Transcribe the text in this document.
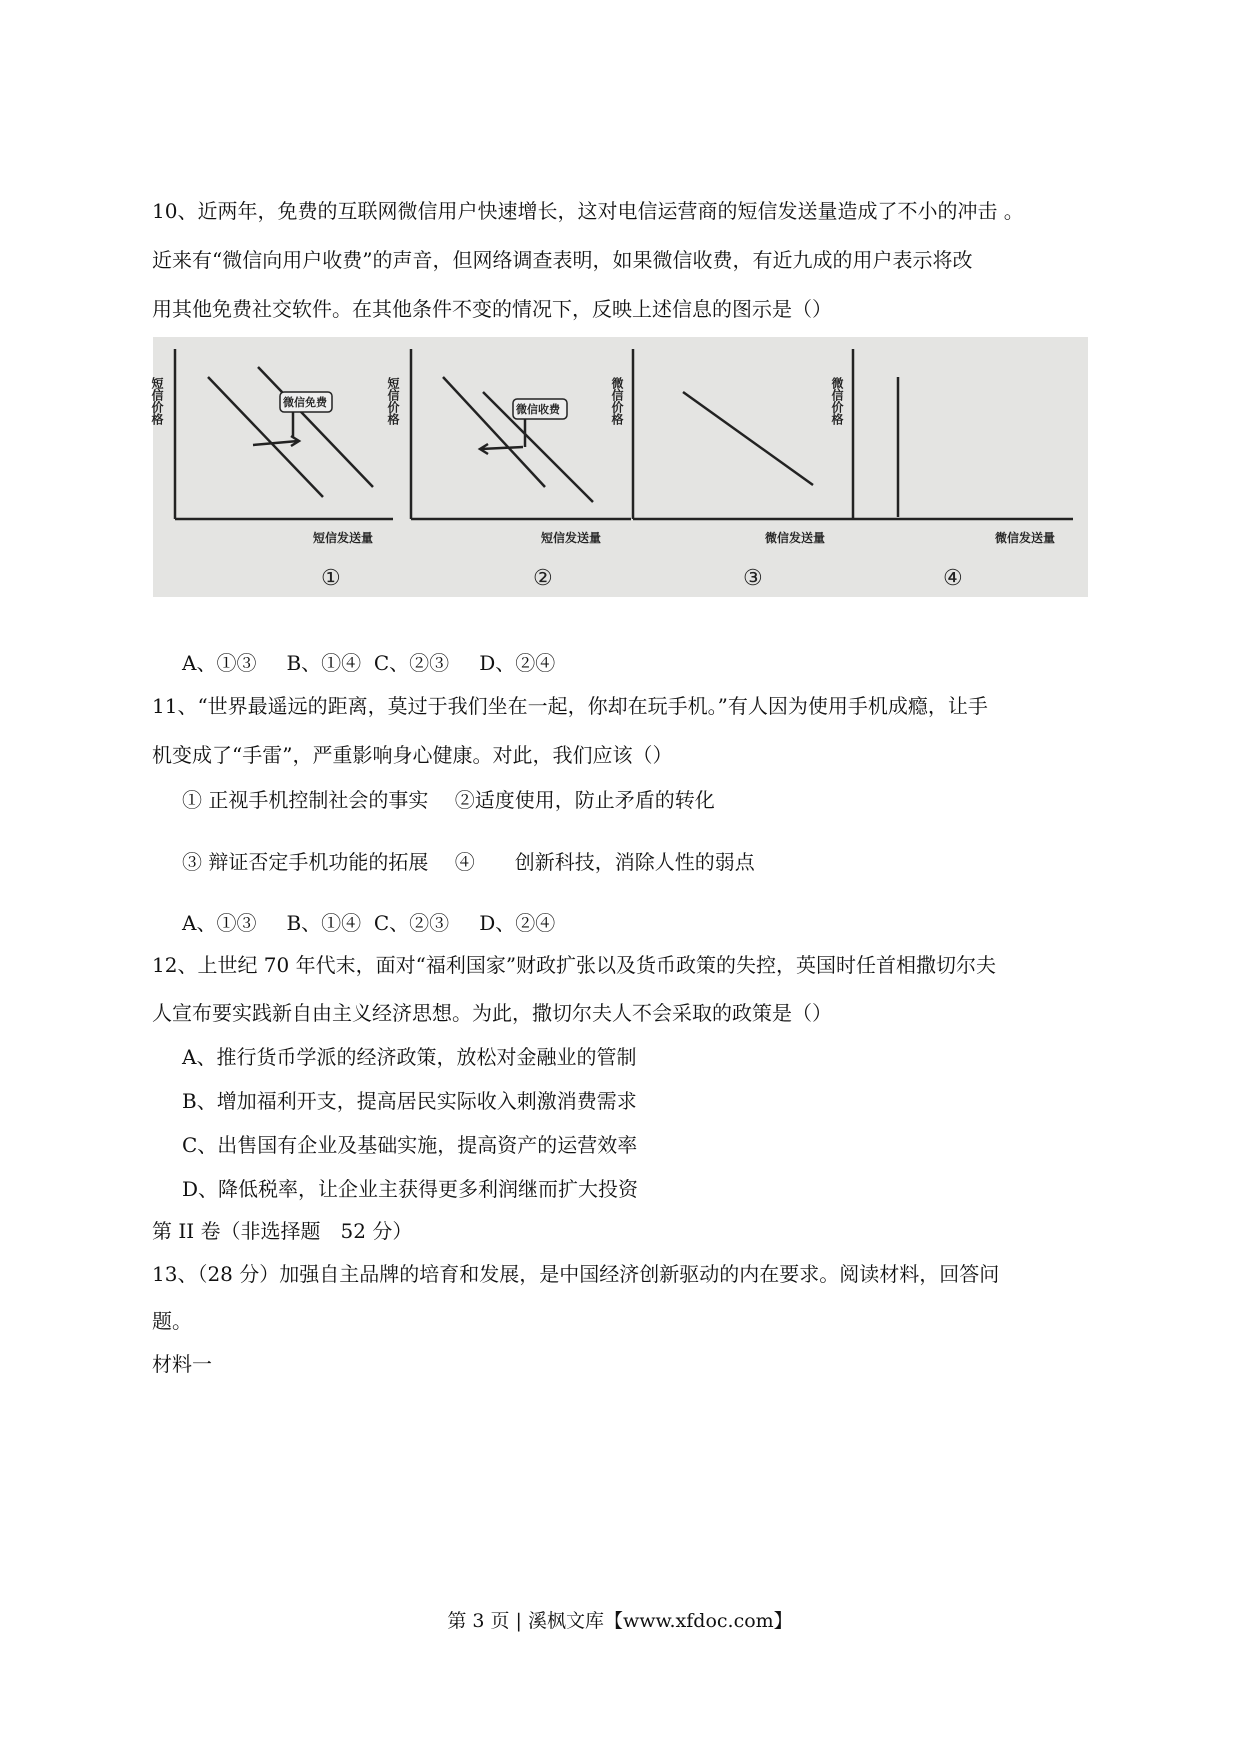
10、近两年，免费的互联网微信用户快速增长，这对电信运营商的短信发送量造成了不小的冲击 。
近来有“微信向用户收费”的声音，但网络调查表明，如果微信收费，有近九成的用户表示将改
用其他免费社交软件。在其他条件不变的情况下，反映上述信息的图示是（）
短信价格
短信发送量
微信免费	短信价格
短信发送量
微信收费	微信价格
微信发送量
微信价格
微信发送量
①	②	③	④
A、①③ B、①④ C、②③ D、②④
11、“世界最遥远的距离，莫过于我们坐在一起，你却在玩手机。”有人因为使用手机成瘾，让手
机变成了“手雷”，严重影响身心健康。对此，我们应该（）
① 正视手机控制社会的事实　 ②适度使用，防止矛盾的转化
③ 辩证否定手机功能的拓展　 ④　　创新科技，消除人性的弱点
A、①③ B、①④ C、②③ D、②④
12、上世纪 70 年代末，面对“福利国家”财政扩张以及货币政策的失控，英国时任首相撒切尔夫
人宣布要实践新自由主义经济思想。为此，撒切尔夫人不会采取的政策是（）
A、推行货币学派的经济政策，放松对金融业的管制
B、增加福利开支，提高居民实际收入刺激消费需求
C、出售国有企业及基础实施，提高资产的运营效率
D、降低税率，让企业主获得更多利润继而扩大投资
第 II 卷（非选择题　52 分）
13、（28 分）加强自主品牌的培育和发展，是中国经济创新驱动的内在要求。阅读材料，回答问
题。
材料一
第 3 页 | 溪枫文库【www.xfdoc.com】
